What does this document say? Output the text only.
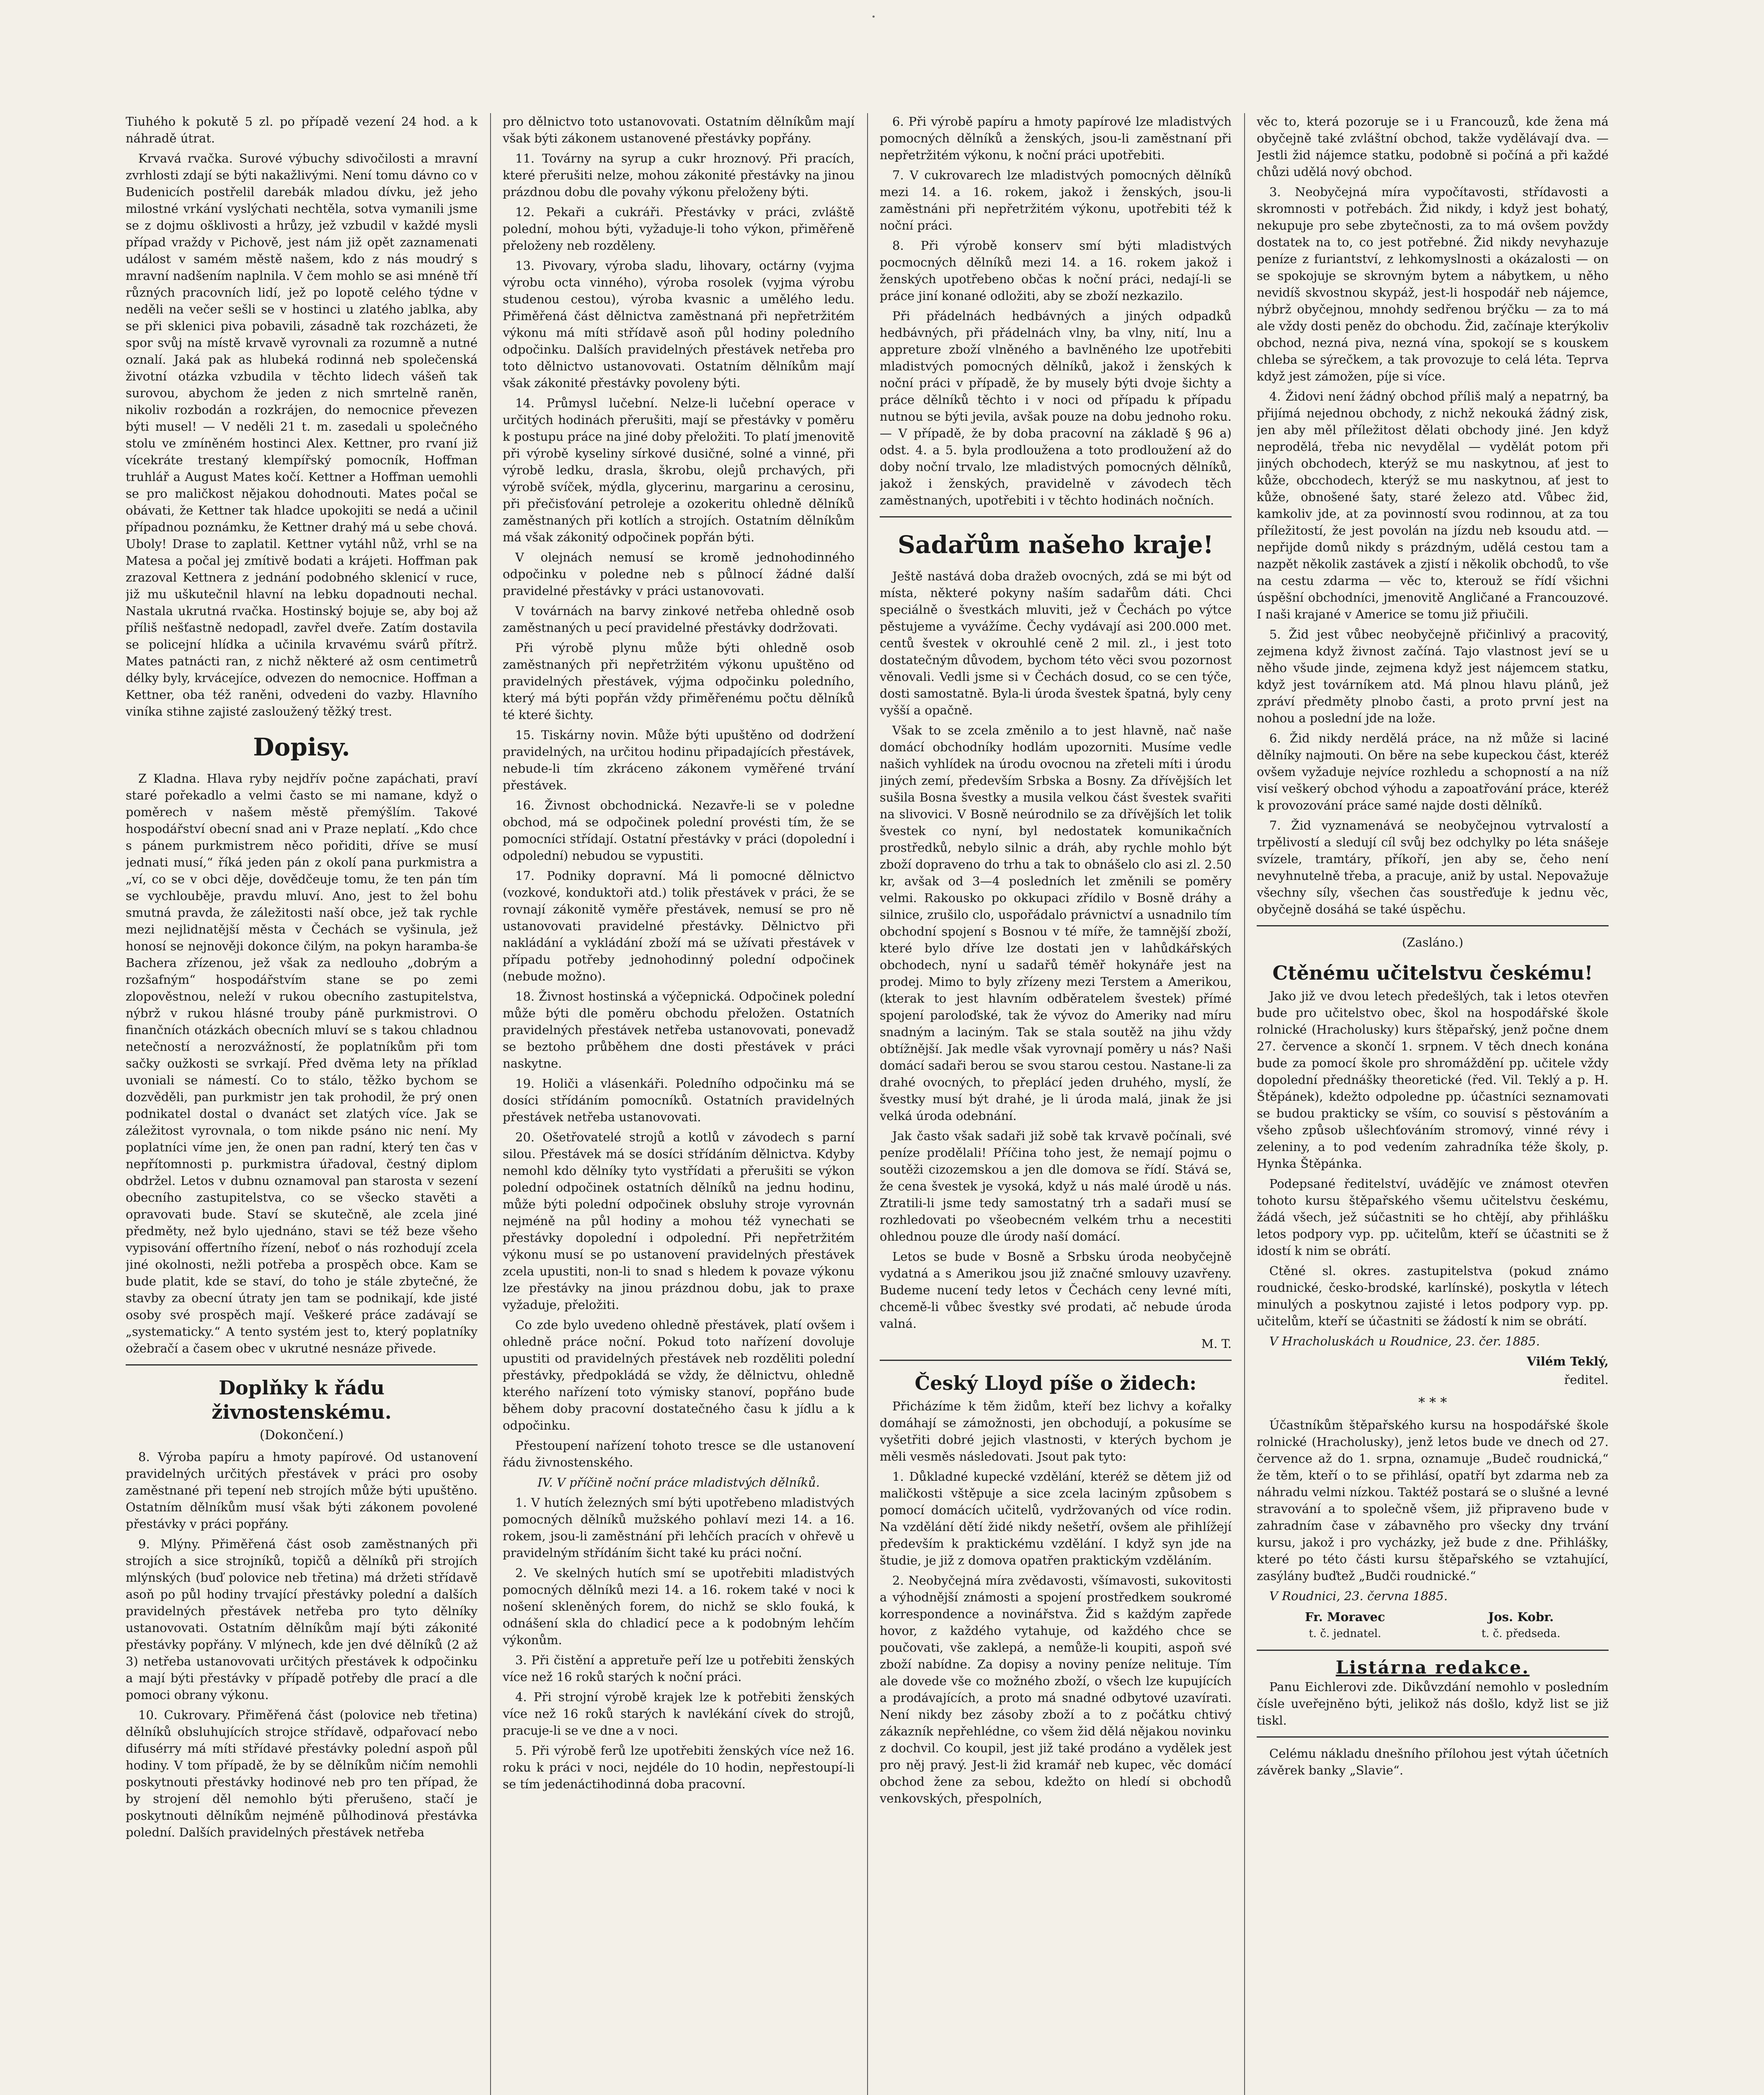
•

Tiuhého k pokutě 5 zl. po případě vezení 24 hod. a k náhradě útrat.

Krvavá rvačka. Surové výbuchy sdivočilosti a mravní zvrhlosti zdají se býti nakažlivými. Není tomu dávno co v Budenicích postřelil darebák mladou dívku, jež jeho milostné vrkání vyslýchati nechtěla, sotva vymanili jsme se z dojmu ošklivosti a hrůzy, jež vzbudil v každé mysli případ vraždy v Pichově, jest nám již opět zaznamenati událost v samém městě našem, kdo z nás moudrý s mravní nadšením naplnila. V čem mohlo se asi mnéně tří různých pracovních lidí, jež po lopotě celého týdne v neděli na večer sešli se v hostinci u zlatého jablka, aby se při sklenici piva pobavili, zásadně tak rozcházeti, že spor svůj na místě krvavě vyrovnali za rozumně a nutné oznalí. Jaká pak as hlubeká rodinná neb společenská životní otázka vzbudila v těchto lidech vášeň tak surovou, abychom že jeden z nich smrtelně raněn, nikoliv rozbodán a rozkrájen, do nemocnice převezen býti musel! — V neděli 21 t. m. zasedali u společného stolu ve zmíněném hostinci Alex. Kettner, pro rvaní již vícekráte trestaný klempířský pomocník, Hoffman truhlář a August Mates kočí. Kettner a Hoffman uemohli se pro maličkost nějakou dohodnouti. Mates počal se obávati, že Kettner tak hladce upokojiti se nedá a učinil případnou poznámku, že Kettner drahý má u sebe chová. Uboly! Drase to zaplatil. Kettner vytáhl nůž, vrhl se na Matesa a počal jej zmítivě bodati a krájeti. Hoffman pak zrazoval Kettnera z jednání podobného sklenicí v ruce, již mu uškutečnil hlavní na lebku dopadnouti nechal. Nastala ukrutná rvačka. Hostinský bojuje se, aby boj až příliš nešťastně nedopadl, zavřel dveře. Zatím dostavila se policejní hlídka a učinila krvavému svárů přítrž. Mates patnácti ran, z nichž některé až osm centimetrů délky byly, krvácejíce, odvezen do nemocnice. Hoffman a Kettner, oba též raněni, odvedeni do vazby. Hlavního viníka stihne zajisté zasloužený těžký trest.

Dopisy.

Z Kladna. Hlava ryby nejdřív počne zapáchati, praví staré pořekadlo a velmi často se mi namane, když o poměrech v našem městě přemýšlím. Takové hospodářství obecní snad ani v Praze neplatí. „Kdo chce s pánem purkmistrem něco pořiditi, dříve se musí jednati musí,“ říká jeden pán z okolí pana purkmistra a „ví, co se v obci děje, dovědčeuje tomu, že ten pán tím se vychlouběje, pravdu mluví. Ano, jest to žel bohu smutná pravda, že záležitosti naší obce, jež tak rychle mezi nejlidnatější města v Čechách se vyšinula, jež honosí se nejnověji dokonce čilým, na pokyn haramba-še Bachera zřízenou, jež však za nedlouho „dobrým a rozšafným“ hospodářstvím stane se po zemi zlopověstnou, neleží v rukou obecního zastupitelstva, nýbrž v rukou hlásné trouby páně purkmistrovi. O finančních otázkách obecních mluví se s takou chladnou netečností a nerozvážností, že poplatníkům při tom sačky oužkosti se svrkají. Před dvěma lety na příklad uvoniali se námestí. Co to stálo, těžko bychom se dozvěděli, pan purkmistr jen tak prohodil, že prý onen podnikatel dostal o dvanáct set zlatých více. Jak se záležitost vyrovnala, o tom nikde psáno nic není. My poplatníci víme jen, že onen pan radní, který ten čas v nepřítomnosti p. purkmistra úřadoval, čestný diplom obdržel. Letos v dubnu oznamoval pan starosta v sezení obecního zastupitelstva, co se všecko stavěti a opravovati bude. Staví se skutečně, ale zcela jiné předměty, než bylo ujednáno, stavi se též beze všeho vypisování offertního řízení, neboť o nás rozhodují zcela jiné okolnosti, nežli potřeba a prospěch obce. Kam se bude platit, kde se staví, do toho je stále zbytečné, že stavby za obecní útraty jen tam se podnikají, kde jisté osoby své prospěch mají. Veškeré práce zadávají se „systematicky.“ A tento systém jest to, který poplatníky ožebračí a časem obec v ukrutné nesnáze přivede.

Doplňky k řádu živnostenskému.
(Dokončení.)

8. Výroba papíru a hmoty papírové. Od ustanovení pravidelných určitých přestávek v práci pro osoby zaměstnané při tepení neb strojích může býti upuštěno. Ostatním dělníkům musí však býti zákonem povolené přestávky v práci popřány.

9. Mlýny. Přiměřená část osob zaměstnaných při strojích a sice strojníků, topičů a dělníků při strojích mlýnských (buď polovice neb třetina) má držeti střídavě asoň po půl hodiny trvající přestávky polední a dalších pravidelných přestávek netřeba pro tyto dělníky ustanovovati. Ostatním dělníkům mají býti zákonité přestávky popřány. V mlýnech, kde jen dvé dělníků (2 až 3) netřeba ustanovovati určitých přestávek k odpočinku a mají býti přestávky v případě potřeby dle prací a dle pomoci obrany výkonu.

10. Cukrovary. Přiměřená část (polovice neb třetina) dělníků obsluhujících strojce střídavě, odpařovací nebo difusérry má míti střídavé přestávky polední aspoň půl hodiny. V tom případě, že by se dělníkům ničím nemohli poskytnouti přestávky hodinové neb pro ten případ, že by strojení děl nemohlo býti přerušeno, stačí je poskytnouti dělníkům nejméně půlhodinová přestávka polední. Dalších pravidelných přestávek netřeba

pro dělnictvo toto ustanovovati. Ostatním dělníkům mají však býti zákonem ustanovené přestávky popřány.

11. Továrny na syrup a cukr hroznový. Při pracích, které přerušiti nelze, mohou zákonité přestávky na jinou prázdnou dobu dle povahy výkonu přeloženy býti.

12. Pekaři a cukráři. Přestávky v práci, zvláště polední, mohou býti, vyžaduje-li toho výkon, přiměřeně přeloženy neb rozděleny.

13. Pivovary, výroba sladu, lihovary, octárny (vyjma výrobu octa vinného), výroba rosolek (vyjma výrobu studenou cestou), výroba kvasnic a umělého ledu. Přiměřená část dělnictva zaměstnaná při nepřetržitém výkonu má míti střídavě asoň půl hodiny poledního odpočinku. Dalších pravidelných přestávek netřeba pro toto dělnictvo ustanovovati. Ostatním dělníkům mají však zákonité přestávky povoleny býti.

14. Průmysl lučební. Nelze-li lučební operace v určitých hodinách přerušiti, mají se přestávky v poměru k postupu práce na jiné doby přeložiti. To platí jmenovitě při výrobě kyseliny sírkové dusičné, solné a vinné, při výrobě ledku, drasla, škrobu, olejů prchavých, při výrobě svíček, mýdla, glycerinu, margarinu a cerosinu, při přečisťování petroleje a ozokeritu ohledně dělníků zaměstnaných při kotlích a strojích. Ostatním dělníkům má však zákonitý odpočinek popřán býti.

V olejnách nemusí se kromě jednohodinného odpočinku v poledne neb s půlnocí žádné další pravidelné přestávky v práci ustanovovati.

V továrnách na barvy zinkové netřeba ohledně osob zaměstnaných u pecí pravidelné přestávky dodržovati.

Při výrobě plynu může býti ohledně osob zaměstnaných při nepřetržitém výkonu upuštěno od pravidelných přestávek, výjma odpočinku poledního, který má býti popřán vždy přiměřenému počtu dělníků té které šichty.

15. Tiskárny novin. Může býti upuštěno od dodržení pravidelných, na určitou hodinu připadajících přestávek, nebude-li tím zkráceno zákonem vyměřené trvání přestávek.

16. Živnost obchodnická. Nezavře-li se v poledne obchod, má se odpočinek polední provésti tím, že se pomocníci střídají. Ostatní přestávky v práci (dopolední i odpolední) nebudou se vypustiti.

17. Podniky dopravní. Má li pomocné dělnictvo (vozkové, konduktoři atd.) tolik přestávek v práci, že se rovnají zákonitě vyměře přestávek, nemusí se pro ně ustanovovati pravidelné přestávky. Dělnictvo při nakládání a vykládání zboží má se užívati přestávek v případu potřeby jednohodinný polední odpočinek (nebude možno).

18. Živnost hostinská a výčepnická. Odpočinek polední může býti dle poměru obchodu přeložen. Ostatních pravidelných přestávek netřeba ustanovovati, ponevadž se beztoho průběhem dne dosti přestávek v práci naskytne.

19. Holiči a vlásenkáři. Poledního odpočinku má se dosíci střídáním pomocníků. Ostatních pravidelných přestávek netřeba ustanovovati.

20. Ošetřovatelé strojů a kotlů v závodech s parní silou. Přestávek má se dosíci střídáním dělnictva. Kdyby nemohl kdo dělníky tyto vystřídati a přerušiti se výkon polední odpočinek ostatních dělníků na jednu hodinu, může býti polední odpočinek obsluhy stroje vyrovnán nejméně na půl hodiny a mohou též vynechati se přestávky dopolední i odpolední. Při nepřetržitém výkonu musí se po ustanovení pravidelných přestávek zcela upustiti, non-li to snad s hledem k povaze výkonu lze přestávky na jinou prázdnou dobu, jak to praxe vyžaduje, přeložiti.

Co zde bylo uvedeno ohledně přestávek, platí ovšem i ohledně práce noční. Pokud toto nařízení dovoluje upustiti od pravidelných přestávek neb rozděliti polední přestávky, předpokládá se vždy, že dělnictvu, ohledně kterého nařízení toto výmisky stanoví, popřáno bude během doby pracovní dostatečného času k jídlu a k odpočinku.

Přestoupení nařízení tohoto tresce se dle ustanovení řádu živnostenského.

IV. V příčině noční práce mladistvých dělníků.

1. V hutích železných smí býti upotřebeno mladistvých pomocných dělníků mužského pohlaví mezi 14. a 16. rokem, jsou-li zaměstnání při lehčích pracích v ohřevě u pravidelným střídáním šicht také ku práci noční.

2. Ve skelných hutích smí se upotřebiti mladistvých pomocných dělníků mezi 14. a 16. rokem také v noci k nošení skleněných forem, do nichž se sklo fouká, k odnášení skla do chladicí pece a k podobným lehčím výkonům.

3. Při čistění a appretuře peří lze u potřebiti ženských více než 16 roků starých k noční práci.

4. Při strojní výrobě krajek lze k potřebiti ženských více než 16 roků starých k navlékání cívek do strojů, pracuje-li se ve dne a v noci.

5. Při výrobě ferů lze upotřebiti ženských více než 16. roku k práci v noci, nejdéle do 10 hodin, nepřestoupí-li se tím jedenáctihodinná doba pracovní.

6. Při výrobě papíru a hmoty papírové lze mladistvých pomocných dělníků a ženských, jsou-li zaměstnaní při nepřetržitém výkonu, k noční práci upotřebiti.

7. V cukrovarech lze mladistvých pomocných dělníků mezi 14. a 16. rokem, jakož i ženských, jsou-li zaměstnáni při nepřetržitém výkonu, upotřebiti též k noční práci.

8. Při výrobě konserv smí býti mladistvých pocmocných dělníků mezi 14. a 16. rokem jakož i ženských upotřebeno občas k noční práci, nedají-li se práce jiní konané odložiti, aby se zboží nezkazilo.

Při přádelnách hedbávných a jiných odpadků hedbávných, při přádelnách vlny, ba vlny, nití, lnu a appreture zboží vlněného a bavlněného lze upotřebiti mladistvých pomocných dělníků, jakož i ženských k noční práci v případě, že by musely býti dvoje šichty a práce dělníků těchto i v noci od případu k případu nutnou se býti jevila, avšak pouze na dobu jednoho roku. — V případě, že by doba pracovní na základě § 96 a) odst. 4. a 5. byla prodloužena a toto prodloužení až do doby noční trvalo, lze mladistvých pomocných dělníků, jakož i ženských, pravidelně v závodech těch zaměstnaných, upotřebiti i v těchto hodinách nočních.

Sadařům našeho kraje!

Ještě nastává doba dražeb ovocných, zdá se mi být od místa, některé pokyny naším sadařům dáti. Chci speciálně o švestkách mluviti, jež v Čechách po výtce pěstujeme a vyvážíme. Čechy vydávají asi 200.000 met. centů švestek v okrouhlé ceně 2 mil. zl., i jest toto dostatečným důvodem, bychom této věci svou pozornost věnovali. Vedli jsme si v Čechách dosud, co se cen týče, dosti samostatně. Byla-li úroda švestek špatná, byly ceny vyšší a opačně.

Však to se zcela změnilo a to jest hlavně, nač naše domácí obchodníky hodlám upozorniti. Musíme vedle našich vyhlídek na úrodu ovocnou na zřeteli míti i úrodu jiných zemí, především Srbska a Bosny. Za dřívějších let sušila Bosna švestky a musila velkou část švestek svařiti na slivovici. V Bosně neúrodnilo se za dřívějších let tolik švestek co nyní, byl nedostatek komunikačních prostředků, nebylo silnic a dráh, aby rychle mohlo být zboží dopraveno do trhu a tak to obnášelo clo asi zl. 2.50 kr, avšak od 3—4 posledních let změnili se poměry velmi. Rakousko po okkupaci zřídilo v Bosně dráhy a silnice, zrušilo clo, uspořádalo právnictví a usnadnilo tím obchodní spojení s Bosnou v té míře, že tamnější zboží, které bylo dříve lze dostati jen v lahůdkářských obchodech, nyní u sadařů téměř hokynáře jest na prodej. Mimo to byly zřízeny mezi Terstem a Amerikou, (kterak to jest hlavním odběratelem švestek) přímé spojení paroloďské, tak že vývoz do Ameriky nad míru snadným a laciným. Tak se stala soutěž na jihu vždy obtížnější. Jak medle však vyrovnají poměry u nás? Naši domácí sadaři berou se svou starou cestou. Nastane-li za drahé ovocných, to přeplácí jeden druhého, myslí, že švestky musí být drahé, je li úroda malá, jinak že jsi velká úroda odebnání.

Jak často však sadaři již sobě tak krvavě počínali, své peníze prodělali! Příčina toho jest, že nemají pojmu o soutěži cizozemskou a jen dle domova se řídí. Stává se, že cena švestek je vysoká, když u nás malé úrodě u nás. Ztratili-li jsme tedy samostatný trh a sadaři musí se rozhledovati po všeobecném velkém trhu a necestiti ohlednou pouze dle úrody naší domácí.

Letos se bude v Bosně a Srbsku úroda neobyčejně vydatná a s Amerikou jsou již značné smlouvy uzavřeny. Budeme nucení tedy letos v Čechách ceny levné míti, chcemě-li vůbec švestky své prodati, ač nebude úroda valná.

M. T.
Český Lloyd píše o židech:

Přicházíme k těm židům, kteří bez lichvy a kořalky domáhají se zámožnosti, jen obchodují, a pokusíme se vyšetřiti dobré jejich vlastnosti, v kterých bychom je měli vesměs následovati. Jsout pak tyto:

1. Důkladné kupecké vzdělání, kteréž se dětem již od maličkosti vštěpuje a sice zcela laciným způsobem s pomocí domácích učitelů, vydržovaných od více rodin. Na vzdělání dětí židé nikdy nešetří, ovšem ale přihlížejí především k praktickému vzdělání. I když syn jde na študie, je již z domova opatřen praktickým vzděláním.

2. Neobyčejná míra zvědavosti, všímavosti, sukovitosti a výhodnější známosti a spojení prostředkem soukromé korrespondence a novinářstva. Žid s každým zapřede hovor, z každého vytahuje, od každého chce se poučovati, vše zaklepá, a nemůže-li koupiti, aspoň své zboží nabídne. Za dopisy a noviny peníze nelituje. Tím ale dovede vše co možného zboží, o všech lze kupujících a prodávajících, a proto má snadné odbytové uzavírati. Není nikdy bez zásoby zboží a to z počátku chtivý zákazník nepřehlédne, co všem žid dělá nějakou novinku z dochvil. Co koupil, jest již také prodáno a vydělek jest pro něj pravý. Jest-li žid kramář neb kupec, věc domácí obchod žene za sebou, kdežto on hledí si obchodů venkovských, přespolních,

věc to, která pozoruje se i u Francouzů, kde žena má obyčejně také zvláštní obchod, takže vydělávají dva. — Jestli žid nájemce statku, podobně si počíná a při každé chůzi udělá nový obchod.

3. Neobyčejná míra vypočítavosti, střídavosti a skromnosti v potřebách. Žid nikdy, i když jest bohatý, nekupuje pro sebe zbytečnosti, za to má ovšem povždy dostatek na to, co jest potřebné. Žid nikdy nevyhazuje peníze z furiantství, z lehkomyslnosti a okázalosti — on se spokojuje se skrovným bytem a nábytkem, u něho nevidíš skvostnou skypáž, jest-li hospodář neb nájemce, nýbrž obyčejnou, mnohdy sedřenou brýčku — za to má ale vždy dosti peněz do obchodu. Žid, začínaje kterýkoliv obchod, nezná piva, nezná vína, spokojí se s kouskem chleba se sýrečkem, a tak provozuje to celá léta. Teprva když jest zámožen, píje si více.

4. Židovi není žádný obchod příliš malý a nepatrný, ba přijímá nejednou obchody, z nichž nekouká žádný zisk, jen aby měl příležitost dělati obchody jiné. Jen když neprodělá, třeba nic nevydělal — vydělát potom při jiných obchodech, kterýž se mu naskytnou, ať jest to kůže, obcchodech, kterýž se mu naskytnou, ať jest to kůže, obnošené šaty, staré železo atd. Vůbec žid, kamkoliv jde, at za povinností svou rodinnou, at za tou příležitostí, že jest povolán na jízdu neb ksoudu atd. — nepřijde domů nikdy s prázdným, udělá cestou tam a nazpět několik zastávek a zjistí i několik obchodů, to vše na cestu zdarma — věc to, kterouž se řídí všichni úspěšní obchodníci, jmenovitě Angličané a Francouzové. I naši krajané v Americe se tomu již přiučili.

5. Žid jest vůbec neobyčejně přičinlivý a pracovitý, zejmena když živnost začíná. Tajo vlastnost jeví se u něho všude jinde, zejmena když jest nájemcem statku, když jest továrníkem atd. Má plnou hlavu plánů, jež zpráví předměty plnobo časti, a proto první jest na nohou a poslední jde na lože.

6. Žid nikdy nerdělá práce, na nž může si laciné dělníky najmouti. On běre na sebe kupeckou část, kteréž ovšem vyžaduje nejvíce rozhledu a schopností a na níž visí veškerý obchod výhodu a zapoatřování práce, kteréž k provozování práce samé najde dosti dělníků.

7. Žid vyznamenává se neobyčejnou vytrvalostí a trpělivostí a sledují cíl svůj bez odchylky po léta snášeje svízele, tramtáry, příkoří, jen aby se, čeho není nevyhnutelně třeba, a pracuje, aniž by ustal. Nepovažuje všechny síly, všechen čas soustřeďuje k jednu věc, obyčejně dosáhá se také úspěchu.

(Zasláno.)
Ctěnému učitelstvu českému!

Jako již ve dvou letech předešlých, tak i letos otevřen bude pro učitelstvo obec, škol na hospodářské škole rolnické (Hracholusky) kurs štěpařský, jenž počne dnem 27. července a skončí 1. srpnem. V těch dnech konána bude za pomocí škole pro shromáždění pp. učitele vždy dopolední přednášky theoretické (řed. Vil. Teklý a p. H. Štěpánek), kdežto odpoledne pp. účastníci seznamovati se budou prakticky se vším, co souvisí s pěstováním a všeho způsob ušlechťováním stromový, vinné révy i zeleniny, a to pod vedením zahradníka téže školy, p. Hynka Štěpánka.

Podepsané ředitelství, uvádějíc ve známost otevřen tohoto kursu štěpařského všemu učitelstvu českému, žádá všech, jež súčastniti se ho chtějí, aby přihlášku letos podpory vyp. pp. učitelům, kteří se účastniti se ž idostí k nim se obrátí.

Ctěné sl. okres. zastupitelstva (pokud známo roudnické, česko-brodské, karlínské), poskytla v létech minulých a poskytnou zajisté i letos podpory vyp. pp. učitelům, kteří se účastniti se žádostí k nim se obrátí.

V Hracholuskách u Roudnice, 23. čer. 1885.

Vilém Teklý,
ředitel.
* * *

Účastníkům štěpařského kursu na hospodářské škole rolnické (Hracholusky), jenž letos bude ve dnech od 27. července až do 1. srpna, oznamuje „Budeč roudnická,“ že těm, kteří o to se přihlásí, opatří byt zdarma neb za náhradu velmi nízkou. Taktéž postará se o slušné a levné stravování a to společně všem, již připraveno bude v zahradním čase v zábavněho pro všecky dny trvání kursu, jakož i pro vycházky, jež bude z dne. Přihlášky, které po této části kursu štěpařského se vztahující, zasýlány buďtež „Budči roudnické.“

V Roudnici, 23. června 1885.

Fr. Moravec
t. č. jednatel.
Jos. Kobr.
t. č. předseda.
Listárna redakce.

Panu Eichlerovi zde. Dikůvzdání nemohlo v posledním čísle uveřejněno býti, jelikož nás došlo, když list se již tiskl.

Celému nákladu dnešního přílohou jest výtah účetních závěrek banky „Slavie“.
